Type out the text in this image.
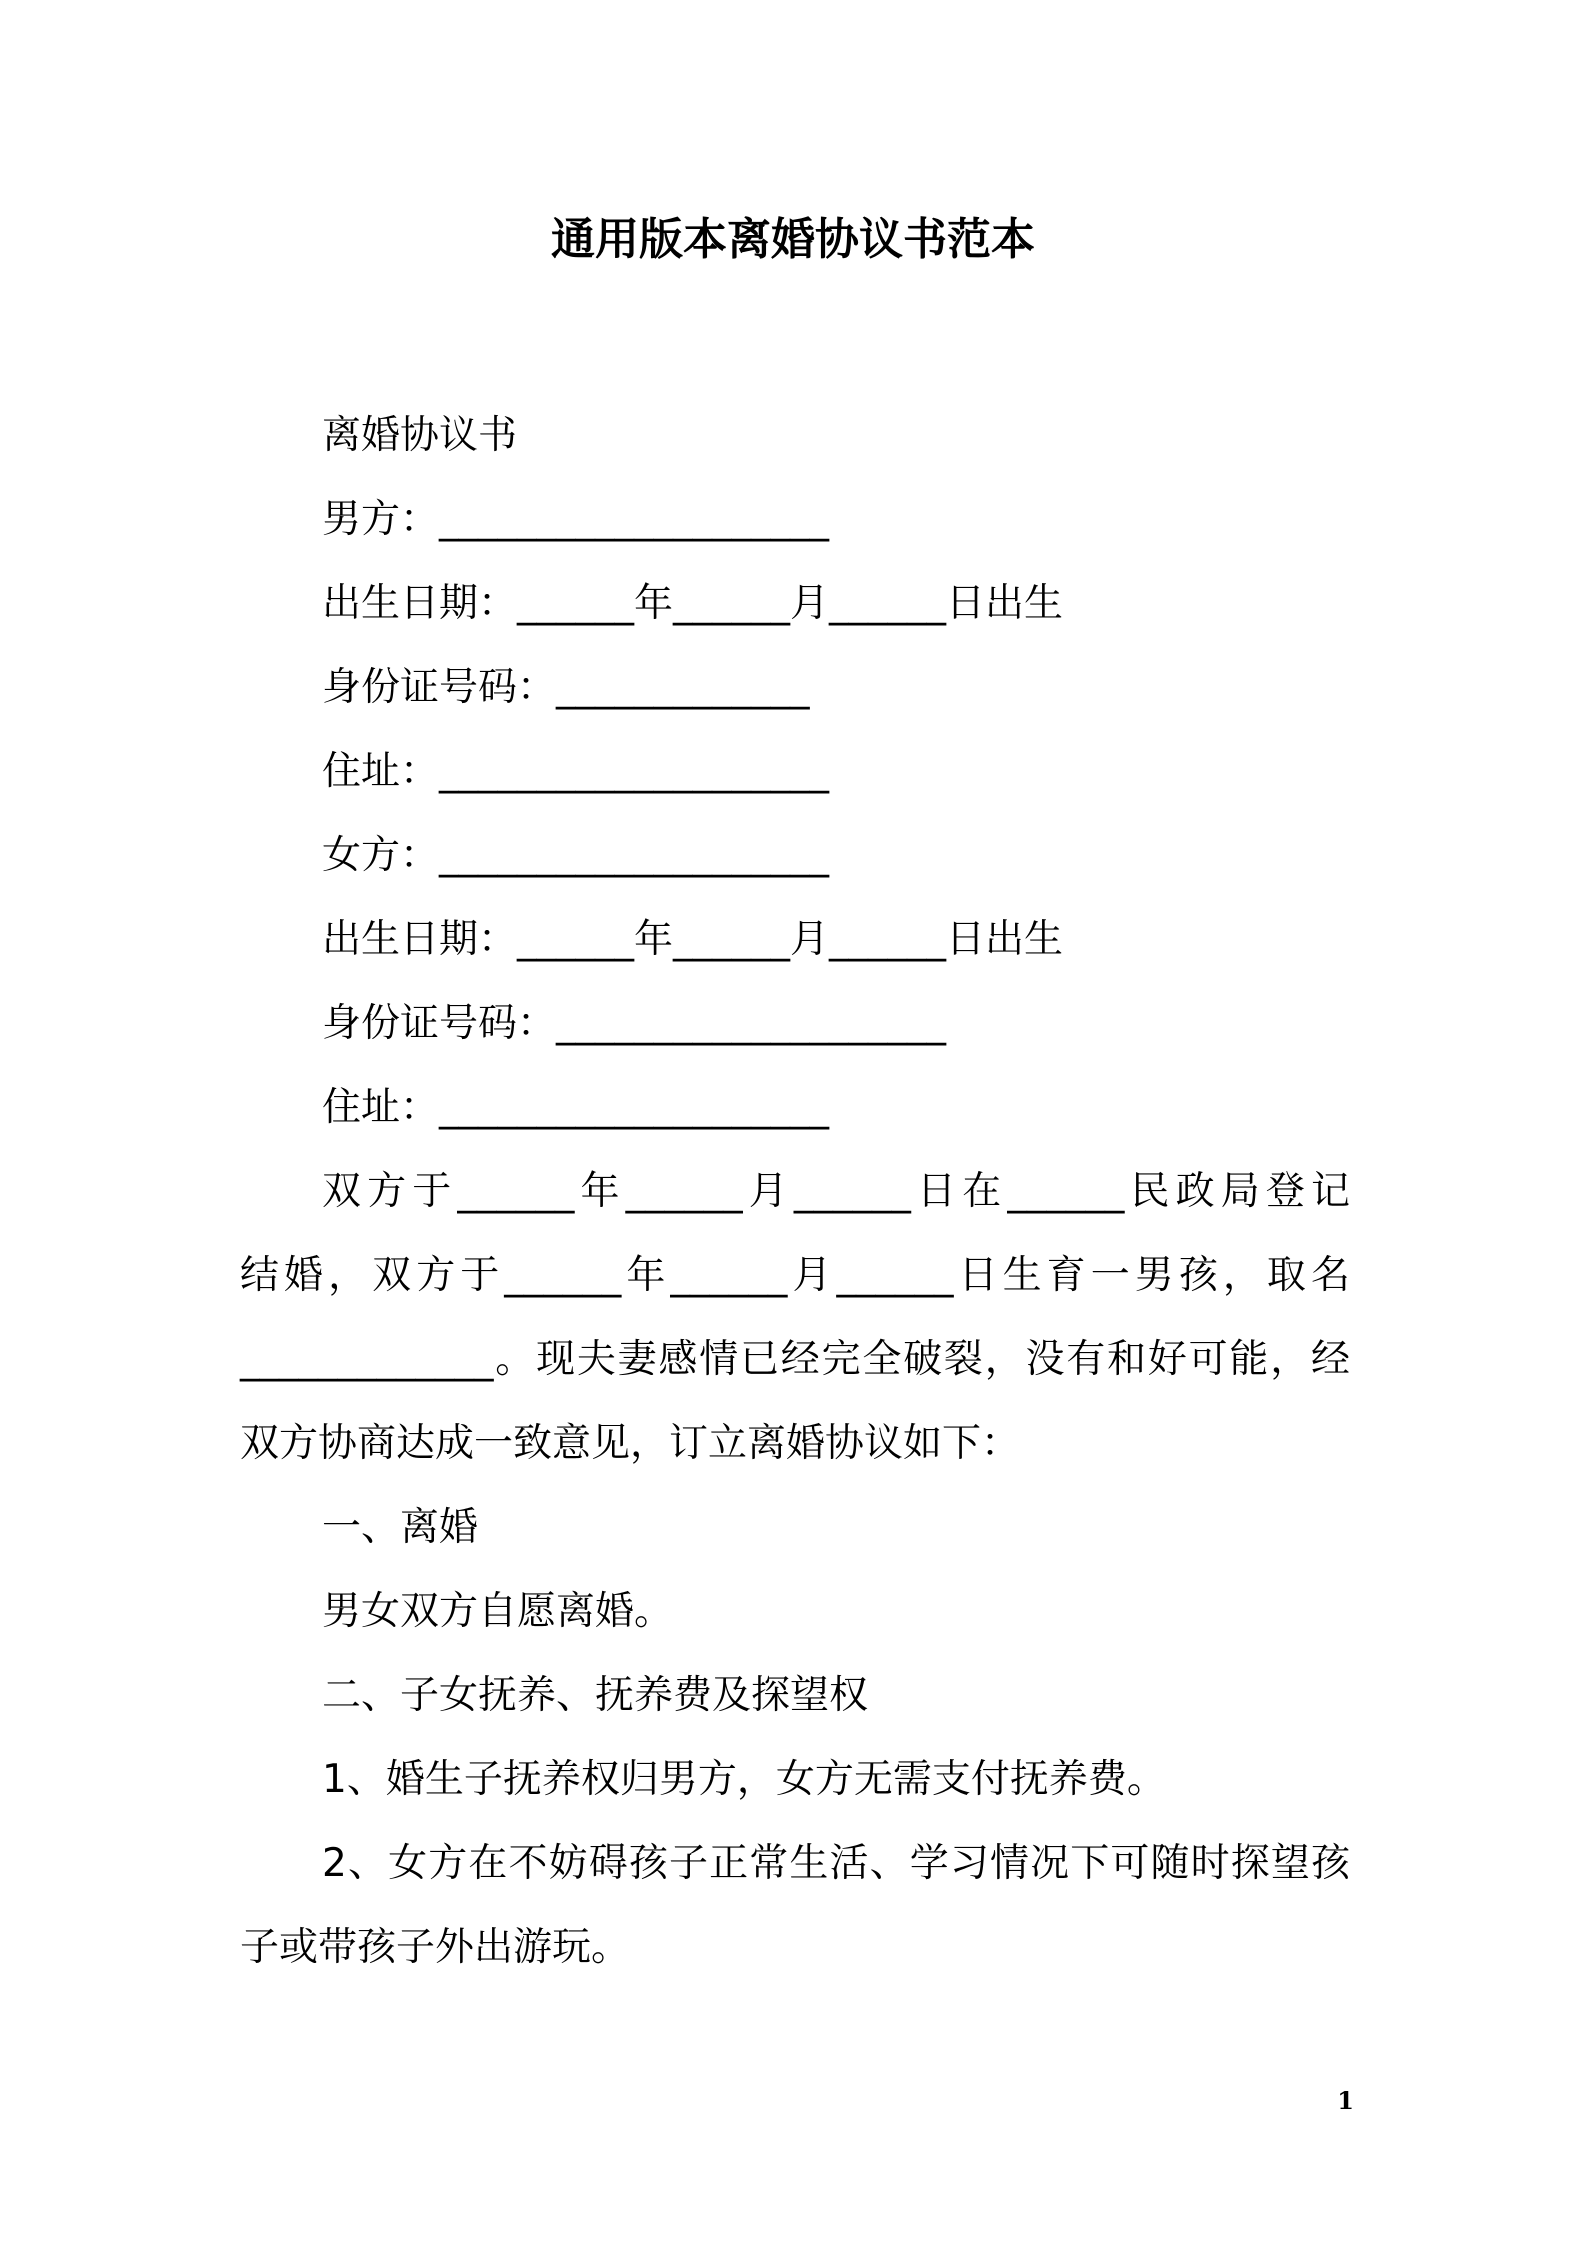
通用版本离婚协议书范本
离婚协议书
男方：____________________
出生日期：______年______月______日出生
身份证号码：_____________
住址：____________________
女方：____________________
出生日期：______年______月______日出生
身份证号码：____________________
住址：____________________
双方于______年______月______日在______民政局登记
结婚，双方于______年______月______日生育一男孩，取名
_____________。现夫妻感情已经完全破裂，没有和好可能，经
双方协商达成一致意见，订立离婚协议如下：
一、离婚
男女双方自愿离婚。
二、子女抚养、抚养费及探望权
1、婚生子抚养权归男方，女方无需支付抚养费。
2、女方在不妨碍孩子正常生活、学习情况下可随时探望孩
子或带孩子外出游玩。
1
